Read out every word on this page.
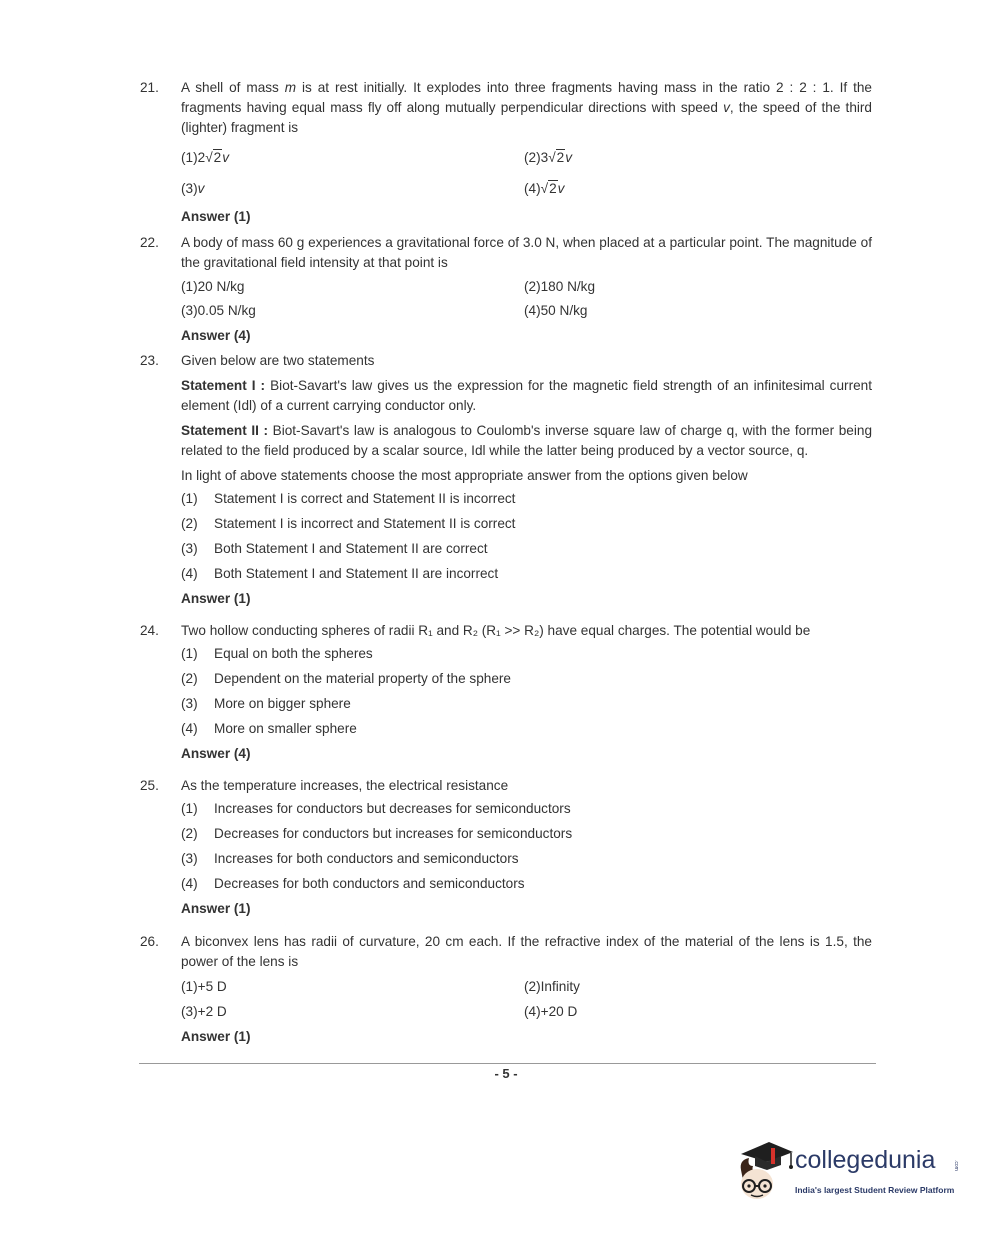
21. A shell of mass m is at rest initially. It explodes into three fragments having mass in the ratio 2 : 2 : 1. If the fragments having equal mass fly off along mutually perpendicular directions with speed v, the speed of the third (lighter) fragment is
(1)2√2v	(2)3√2v
(3)v	(4)√2v
Answer (1)
22. A body of mass 60 g experiences a gravitational force of 3.0 N, when placed at a particular point. The magnitude of the gravitational field intensity at that point is
(1)20 N/kg	(2)180 N/kg
(3)0.05 N/kg	(4)50 N/kg
Answer (4)
23. Given below are two statements
Statement I : Biot-Savart's law gives us the expression for the magnetic field strength of an infinitesimal current element (Idl) of a current carrying conductor only.
Statement II : Biot-Savart's law is analogous to Coulomb's inverse square law of charge q, with the former being related to the field produced by a scalar source, Idl while the latter being produced by a vector source, q.
In light of above statements choose the most appropriate answer from the options given below
(1) Statement I is correct and Statement II is incorrect
(2) Statement I is incorrect and Statement II is correct
(3) Both Statement I and Statement II are correct
(4) Both Statement I and Statement II are incorrect
Answer (1)
24. Two hollow conducting spheres of radii R₁ and R₂ (R₁ >> R₂) have equal charges. The potential would be
(1) Equal on both the spheres
(2) Dependent on the material property of the sphere
(3) More on bigger sphere
(4) More on smaller sphere
Answer (4)
25. As the temperature increases, the electrical resistance
(1) Increases for conductors but decreases for semiconductors
(2) Decreases for conductors but increases for semiconductors
(3) Increases for both conductors and semiconductors
(4) Decreases for both conductors and semiconductors
Answer (1)
26. A biconvex lens has radii of curvature, 20 cm each. If the refractive index of the material of the lens is 1.5, the power of the lens is
(1)+5 D	(2)Infinity
(3)+2 D	(4)+20 D
Answer (1)
- 5 -
collegedunia	.com
India's largest Student Review Platform
